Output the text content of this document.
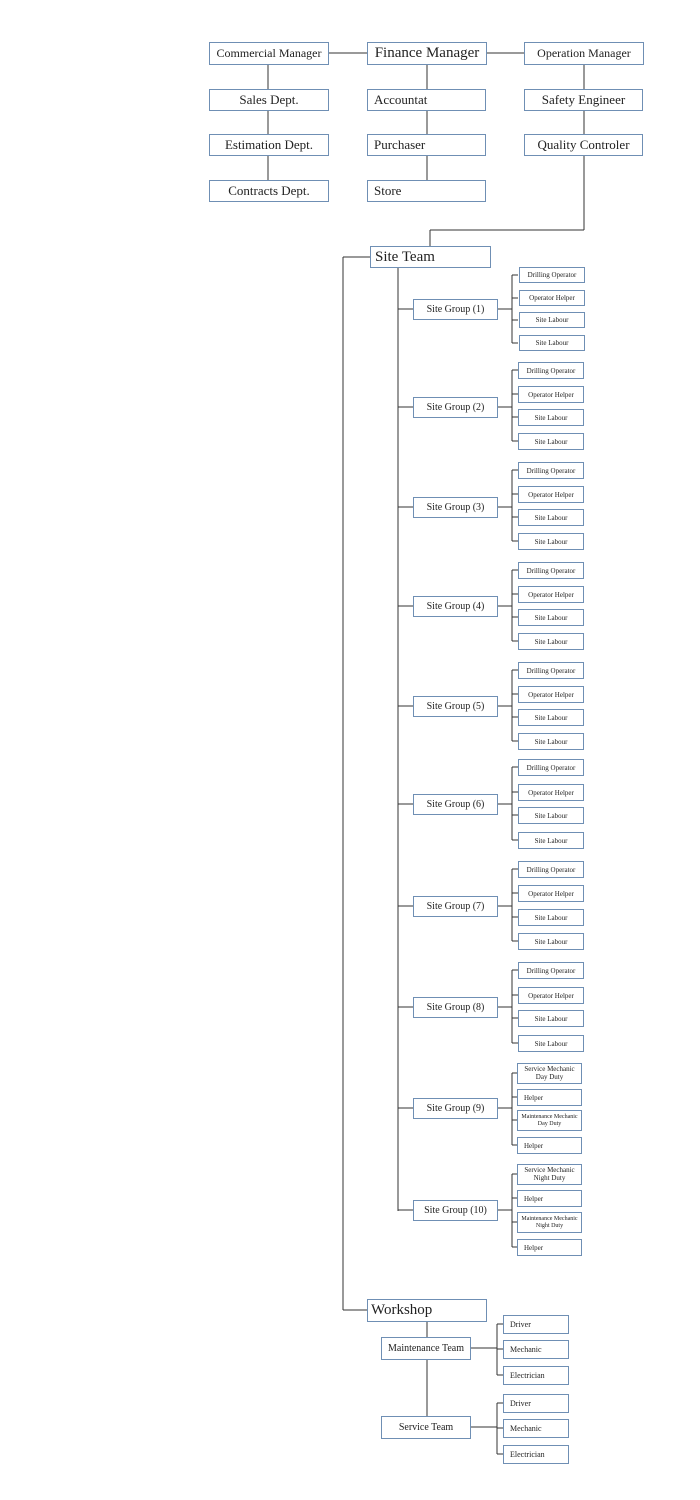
Commercial Manager	Finance Manager	Operation Manager
Sales Dept.
Estimation Dept.
Contracts Dept.
Accountat
Purchaser
Store
Safety Engineer
Quality Controler
Site Team
Site Group (1)
Site Group (2)
Site Group (3)
Site Group (4)
Site Group (5)
Site Group (6)
Site Group (7)
Site Group (8)
Site Group (9)
Site Group (10)
Drilling Operator
Operator Helper
Site Labour
Site Labour
Drilling Operator
Operator Helper
Site Labour
Site Labour
Drilling Operator
Operator Helper
Site Labour
Site Labour
Drilling Operator
Operator Helper
Site Labour
Site Labour
Drilling Operator
Operator Helper
Site Labour
Site Labour
Drilling Operator
Operator Helper
Site Labour
Site Labour
Drilling Operator
Operator Helper
Site Labour
Site Labour
Drilling Operator
Operator Helper
Site Labour
Site Labour
Service Mechanic Day Duty
Helper
Maintenance Mechanic Day Duty
Helper
Service Mechanic Night Duty
Helper
Maintenance Mechanic Night Duty
Helper
Workshop
Maintenance Team
Service Team
Driver
Mechanic
Electrician
Driver
Mechanic
Electrician
